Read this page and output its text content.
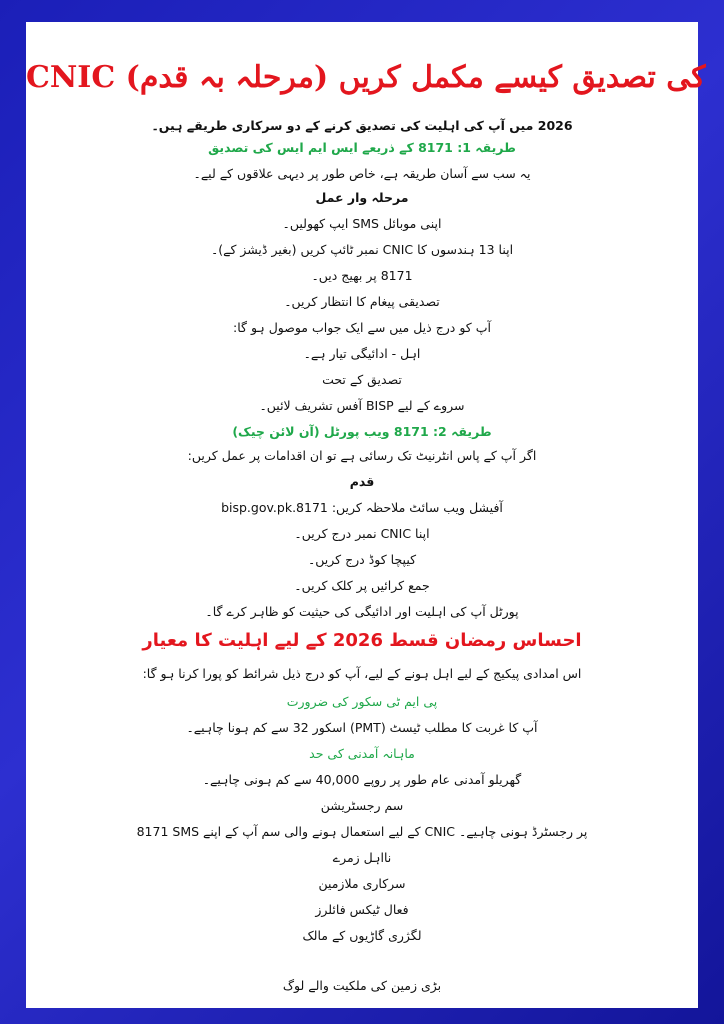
CNIC کی تصدیق کیسے مکمل کریں (مرحلہ بہ قدم)
2026 میں آپ کی اہلیت کی تصدیق کرنے کے دو سرکاری طریقے ہیں۔
طریقہ 1: 8171 کے ذریعے ایس ایم ایس کی تصدیق
یہ سب سے آسان طریقہ ہے، خاص طور پر دیہی علاقوں کے لیے۔
مرحلہ وار عمل
اپنی موبائل SMS ایپ کھولیں۔
اپنا 13 ہندسوں کا CNIC نمبر ٹائپ کریں (بغیر ڈیشز کے)۔
8171 پر بھیج دیں۔
تصدیقی پیغام کا انتظار کریں۔
آپ کو درج ذیل میں سے ایک جواب موصول ہو گا:
اہل - ادائیگی تیار ہے۔
تصدیق کے تحت
سروے کے لیے BISP آفس تشریف لائیں۔
طریقہ 2: 8171 ویب پورٹل (آن لائن چیک)
اگر آپ کے پاس انٹرنیٹ تک رسائی ہے تو ان اقدامات پر عمل کریں:
قدم
آفیشل ویب سائٹ ملاحظہ کریں: 8171.bisp.gov.pk
اپنا CNIC نمبر درج کریں۔
کیپچا کوڈ درج کریں۔
جمع کرائیں پر کلک کریں۔
پورٹل آپ کی اہلیت اور ادائیگی کی حیثیت کو ظاہر کرے گا۔
احساس رمضان قسط 2026 کے لیے اہلیت کا معیار
اس امدادی پیکیج کے لیے اہل ہونے کے لیے، آپ کو درج ذیل شرائط کو پورا کرنا ہو گا:
پی ایم ٹی سکور کی ضرورت
آپ کا غربت کا مطلب ٹیسٹ (PMT) اسکور 32 سے کم ہونا چاہیے۔
ماہانہ آمدنی کی حد
گھریلو آمدنی عام طور پر روپے 40,000 سے کم ہونی چاہیے۔
سم رجسٹریشن
8171 SMS کے لیے استعمال ہونے والی سم آپ کے اپنے CNIC پر رجسٹرڈ ہونی چاہیے۔
نااہل زمرے
سرکاری ملازمین
فعال ٹیکس فائلرز
لگژری گاڑیوں کے مالک
بڑی زمین کی ملکیت والے لوگ
